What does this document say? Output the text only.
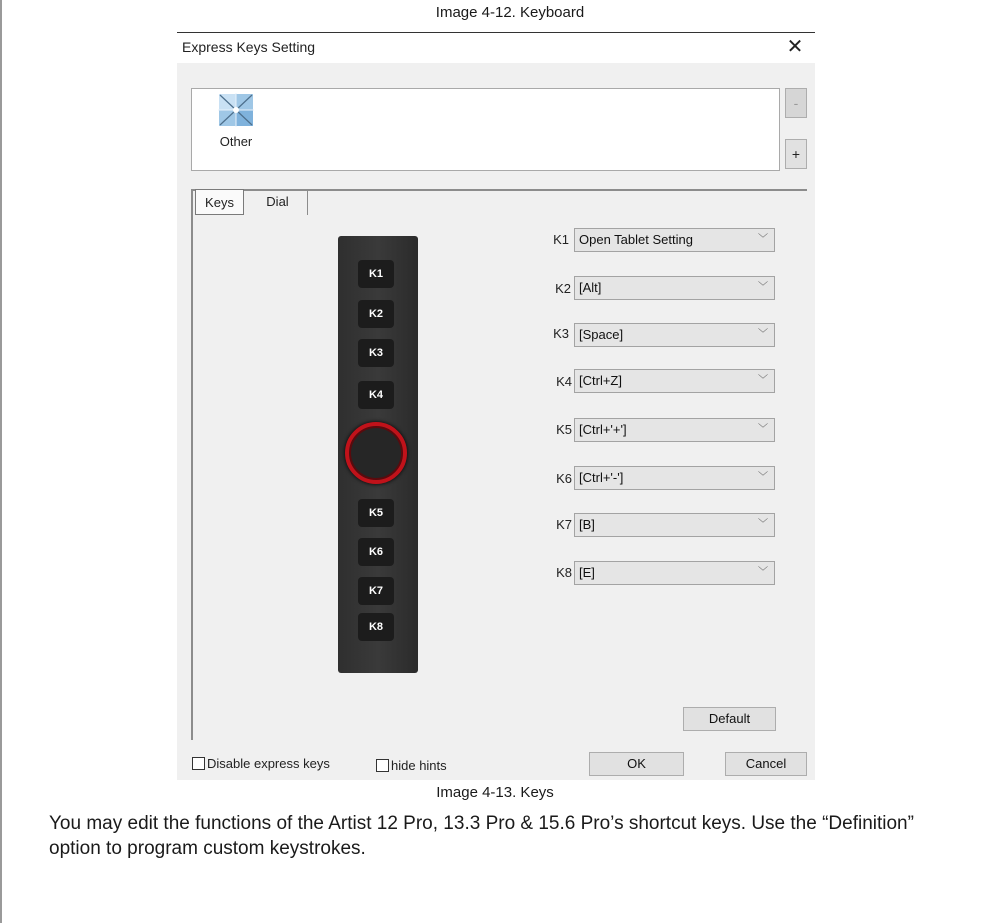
Image 4-12. Keyboard
Express Keys Setting	✕
Other
-
+
Keys	Dial
K1
K2
K3
K4
K5
K6
K7
K8
K1 Open Tablet Setting	﹀
K2 [Alt]	﹀
K3 [Space]	﹀
K4 [Ctrl+Z]	﹀
K5 [Ctrl+'+']	﹀
K6 [Ctrl+'-']	﹀
K7 [B]	﹀
K8 [E]	﹀
Default
Disable express keys	hide hints	OK	Cancel
Image 4-13. Keys
You may edit the functions of the Artist 12 Pro, 13.3 Pro & 15.6 Pro’s shortcut keys. Use the “Definition” option to program custom keystrokes.
